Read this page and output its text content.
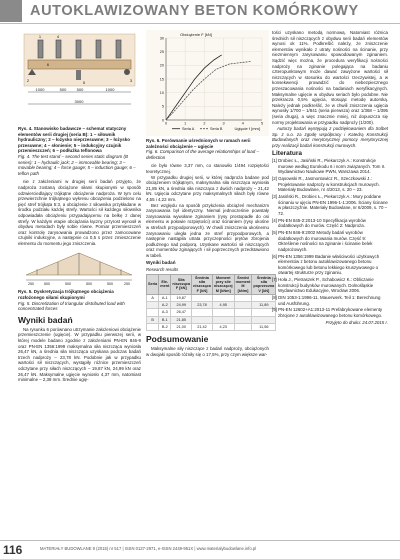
AUTOKLAWIZOWANY BETON KOMÓRKOWY
1000	500	500	1000
3000
1
2	3
4
5
6
Rys. 4. Stanowisko badawcze – schemat statyczny elementów serii drugiej (seria B): 1 – siłownik hydrauliczny; 2 – łożysko nieprzesuwne; 3 – łożysko przesuwne; 4 – słonienie; 5 – indukcyjny czujnik przemieszczeń; 6 – podłużka teflonowa
Fig. 4. The test stand – second series static diagram (B series): 1 – hydraulic jack; 2 – immovable bearing; 3 – movable bearing; 4 – force gauge; 5 – induction gauge; 6 – teflon path

nie z założeniami w drugiej serii badań przyjęto, że nadproża zostaną obciążone siłami skupionymi w sposób odzwierciedlający trójkątne obciążenie nadproża. W tym celu przewierzchnie trójkątnego wykresu obciążenia podzielono na pięć stref trójkąta 5:3, a obciążenie z siłownika przykładane w środku podziału każdej strefy. Wartości sił każdego siłownika odpowiadała obciążeniu przypadającemu na belkę z danej strefy. W każdym etapie obciążania łączny przyrost wynosił w obydwu metodach były sobie równe. Pomiar przemieszczeń oraz kontrolę zarysowania prowadzono przez zamocowane czujniki indukcyjne, a następnie co 0,5 s przez zmieszczenie elementu do momentu jego zniszczenia.

250	500	500	500	500	250
Rys. 5. Dyskretyzacja trójkątnego obciążenia rozłożonego siłami skupionymi
Fig. 5. Discretization of triangular distributed load with concentrated forces
Wyniki badań

Na rysunku 6 porównano utrzymanie założeniowi obciążenie przemieszczenie (ugięcie). W przypadku pierwszej serii, w której modele badano zgodnie z założeniami PN-EN 846-9 oraz PN-EN 1356:1999 maksymalna siła niszcząca wyniosła 26,47 kN, a średnia siła niszcząca uzyskana podczas badań trzech nadproży – 23,78 kN. Podobnie jak w przypadku wartości sił niszczących, wystąpiły różnice przemieszczeń odczytane przy siłach niszczących – 19,87 kN, 24,99 kN oraz 26,47 kN. Maksymalne ugięcie wyniosło 4,37 mm, natomiast minimalne – 2,38 mm. Średnie ugię-

0
5
10
15
20
25
30
0	1	2	3	4	5
Obciążenie F [kN]
Ugięcie f [mm]
Seria A	Seria B
Rys. 6. Porównanie uśrednionych w ramach serii zależności obciążenie – ugięcie
Fig. 6. Comparison of the average relationships of load – deflection

cie było równe 3,37 mm, co stanowiło 1/494 rozpiętości teoretycznej.

W przypadku drugiej serii, w której nadproża badane pod obciążeniem trójkątnym, maksymalna siła niszcząca wyniosła 21,85 kN, a średnia siła niszcząca z dwóch nadproży – 21,42 kN. Ugięcia odczytane przy maksymalnych siłach były równe 4,55 i 4,22 mm.

Bez względu na sposób przyłożenia obciążeń mechanizm zarysowania był identyczny. Niemal jednocześnie powstały zarysowania wywołane zginaniem (rysy prostopadłe do osi elementu w połowie rozpiętości) oraz ścinaniem (rysy ukośne w strefach przypodporowych). W chwili zniszczenia ukośnemu zarysowaniu uległa jedna ze stref przypodporowych, a następnie nastąpiła utrata przyczepności prętów zbrojenia podłużnego nad podporą. Uzyskane wartości sił niszczących oraz momentów zginających i sił poprzecznych przedstawiono w tabeli.

Wyniki badań
Research results
Seria	Ele- ment	Siła niszcząca F [kN]	Średnia siła niszcząca F [kN]	Moment przy sile niszczącej M [kNm]	Średni moment M [kNm]	Średnia siła poprzeczna V [kN]
A	A-1	19,87				
	A-2	24,99	23,78	4,95		11,89
	A-3	26,47				
B	B-1	21,85				
	B-2	21,00	21,42	4,23		11,56
Podsumowanie

Maksymalne siły niszczące z badań nadproży, obciążonych w dwojaki sposób różniły się o 17,5%, przy czym większe war-

tości uzyskano metodą normową. Natomiast różnica średnich sił niszczących z obydwu serii badań elementów wynosi ok 11%. Podkreślić należy, że zniszczenie elementów wynikało z utraty nośności na ścinanie, przy niezmiennym zarysowaniu spowodowanym zginaniem. Sądzić więc można, że procedura weryfikacji nośności nadproży na zginanie polegająca na badaniu czteropunktowym może dawać zawyżone wartości sił niszczących w stosunku do wartości rzeczywistej, a w konsekwencji prowadzić do niebezpiecznego przeszacowania nośności na badaniach weryfikacyjnych. Maksymalne ugięcie w obydwu seriach było podobne. Nie przekracza 0,5% ugięcia, stosując metodę autorską. Należy jednak podkreślić, że w chwili zniszczenia ugięcia wynosiły 1/700 – 1/841 (seria pierwsza) oraz 1/368 – 1/395 (seria druga), a więc znacznie mniej, niż dopuszcza się normy projektowania w przypadku nadproży (1/200).

Autorzy badań występują z podziękowaniem dla Solbet Sp. z o.o. za zgodę współpracy i Katedrą Konstrukcji Budowlanych oraz merytorycznej pomocy merytorycznej przy realizacji badań konstrukcji murowych.

Literatura
[1] Drobiec Ł., Jasiński R., Piekarczyk A.: Konstrukcje murowe według Eurokodu 6 i norm związanych. Tom II. Wydawnictwo Naukowe PWN, Warszawa 2014.
[2] Gąsowski R., Jasmontowicz R., Szeczkowski J.: Projektowanie nadproży w konstrukcjach murowych. Materiały Budowlane, nr 4/2013, s. 20 – 23.
[3] Jasiński R., Drobiec Ł., Piekarczyk A.: Mury poddane ścinaniu w ujęciu PN-EN 1996-1-1:2006. Ściany ścinane w płaszczyźnie. Materiały Budowlane, nr 6/2009, s. 70 – 72.
[4] PN-EN 845-2:2013-10 Specyfikacja wyrobów dodatkowych do murów. Część 2: Nadproża.
[5] PN-EN 846-9:2002 Metody badań wyrobów dodatkowych do murowania murów. Część 9: Określenie nośności na zginanie i ścinanie belek nadprożowych.
[6] PN-EN 1356:1999 Badanie właściwości użytkowych elementów z betonu autoklawizowanego betonu komórkowego lub betonu lekkiego kruszywowego o otwartej strukturze przy zginaniu.
[7] Hoła J., Pietraszek P., Schabowicz K.: Obliczanie konstrukcji budynków murowanych. Dolnośląskie Wydawnictwo Edukacyjne, Wrocław 2006.
[8] DIN 1053-1:1996-11. Mauerwerk. Teil 1: Berechnung und Ausführung.
[9] PN-EN 12602+A1:2013-11 Prefabrykowane elementy zbrojone z autoklawizowanego betonu komórkowego.
Przyjęto do druku: 24.07.2015 r.
116	MATERIAŁY BUDOWLANE 9 (2015) nr 517 | ISSN 0137-2971, e-ISSN 2449-951X | www.materialybudowlane.info.pl
